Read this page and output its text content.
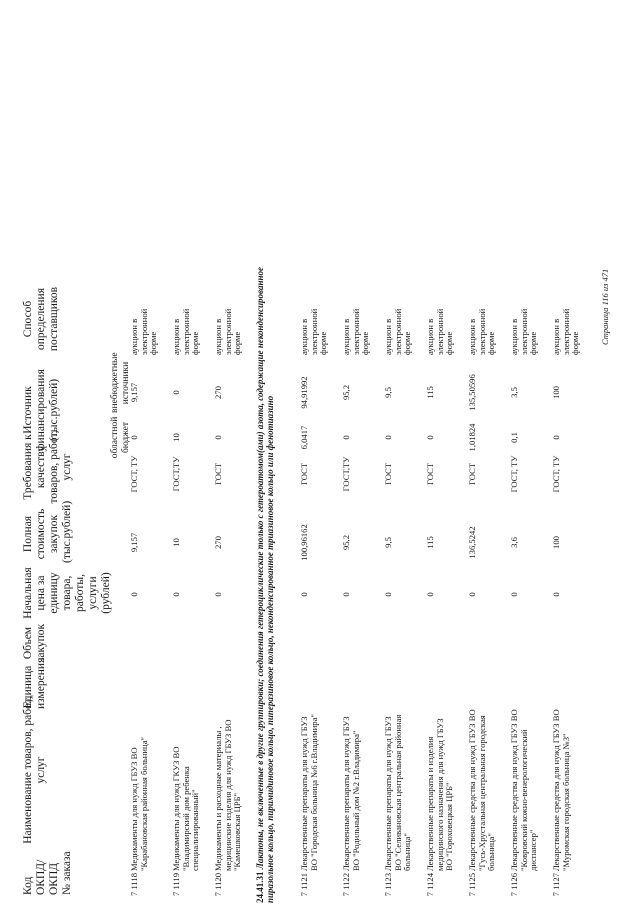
Код
ОКПД/
ОКПД
№ заказа
Наименование товаров, работ, услуг
Единица измерения
Объем закупок
Начальная цена за единицу товара, работы, услуги (рублей)
Полная стоимость закупок (тыс.рублей)
Требования к качеству товаров, работ, услуг
Источник финансирования (тыс.рублей)	областной бюджет
внебюджетные источники
Способ определения поставщиков
7 1118
Медикаменты для нужд ГБУЗ ВО "Карабановская районная больница"
0
9,157
ГОСТ, ТУ
0
9,157
аукцион в электронной форме
7 1119
Медикаменты для нужд ГКУЗ ВО "Владимирский дом ребенка специализированный"
0
10
ГОСТ,ТУ
10
0
аукцион в электронной форме
7 1120
Медикаменты и расходные материалы , медицинские изделия для нужд ГБУЗ ВО "Камешковская ЦРБ"
0
270
ГОСТ
0
270
аукцион в электронной форме
24.41.31 Лактоны, не включенные в другие группировки; соединения гетероциклические только с гетероатомом(ами) азота, содержащие неконденсированное пиразольное кольцо, пиримидиновое кольцо, пиперазиновое кольцо, неконденсированное триазиновое кольцо или фенотиазино	7 1121
Лекарственные препараты для нужд ГБУЗ ВО "Городская больница №6 г.Владимира"
0
100,96162
ГОСТ
6,0417
94,91992
аукцион в электронной форме
7 1122
Лекарственные препараты для нужд ГБУЗ ВО "Родильный дом №2 г.Владимира"
0
95,2
ГОСТ,ТУ
0
95,2
аукцион в электронной форме
7 1123
Лекарственные препараты для нужд ГБУЗ ВО "Селивановская центральная районная больница"
0
9,5
ГОСТ
0
9,5
аукцион в электронной форме
7 1124
Лекарственные препараты и изделия медицинского назначения для нужд ГБУЗ ВО "Гороховецкая ЦРБ"
0
115
ГОСТ
0
115
аукцион в электронной форме
7 1125
Лекарственные средства для нужд ГБУЗ ВО "Гусь-Хрустальная центральная городская больница"
0
136,5242
ГОСТ
1,01824
135,50596
аукцион в электронной форме
7 1126
Лекарственные средства для нужд ГБУЗ ВО "Ковровский кожно-венерологический диспансер"
0
3,6
ГОСТ, ТУ
0,1
3,5
аукцион в электронной форме
7 1127
Лекарственные средства для нужд ГБУЗ ВО "Муромская городская больница №3"
0
100
ГОСТ, ТУ
0
100
аукцион в электронной форме Страница 116 из 471
